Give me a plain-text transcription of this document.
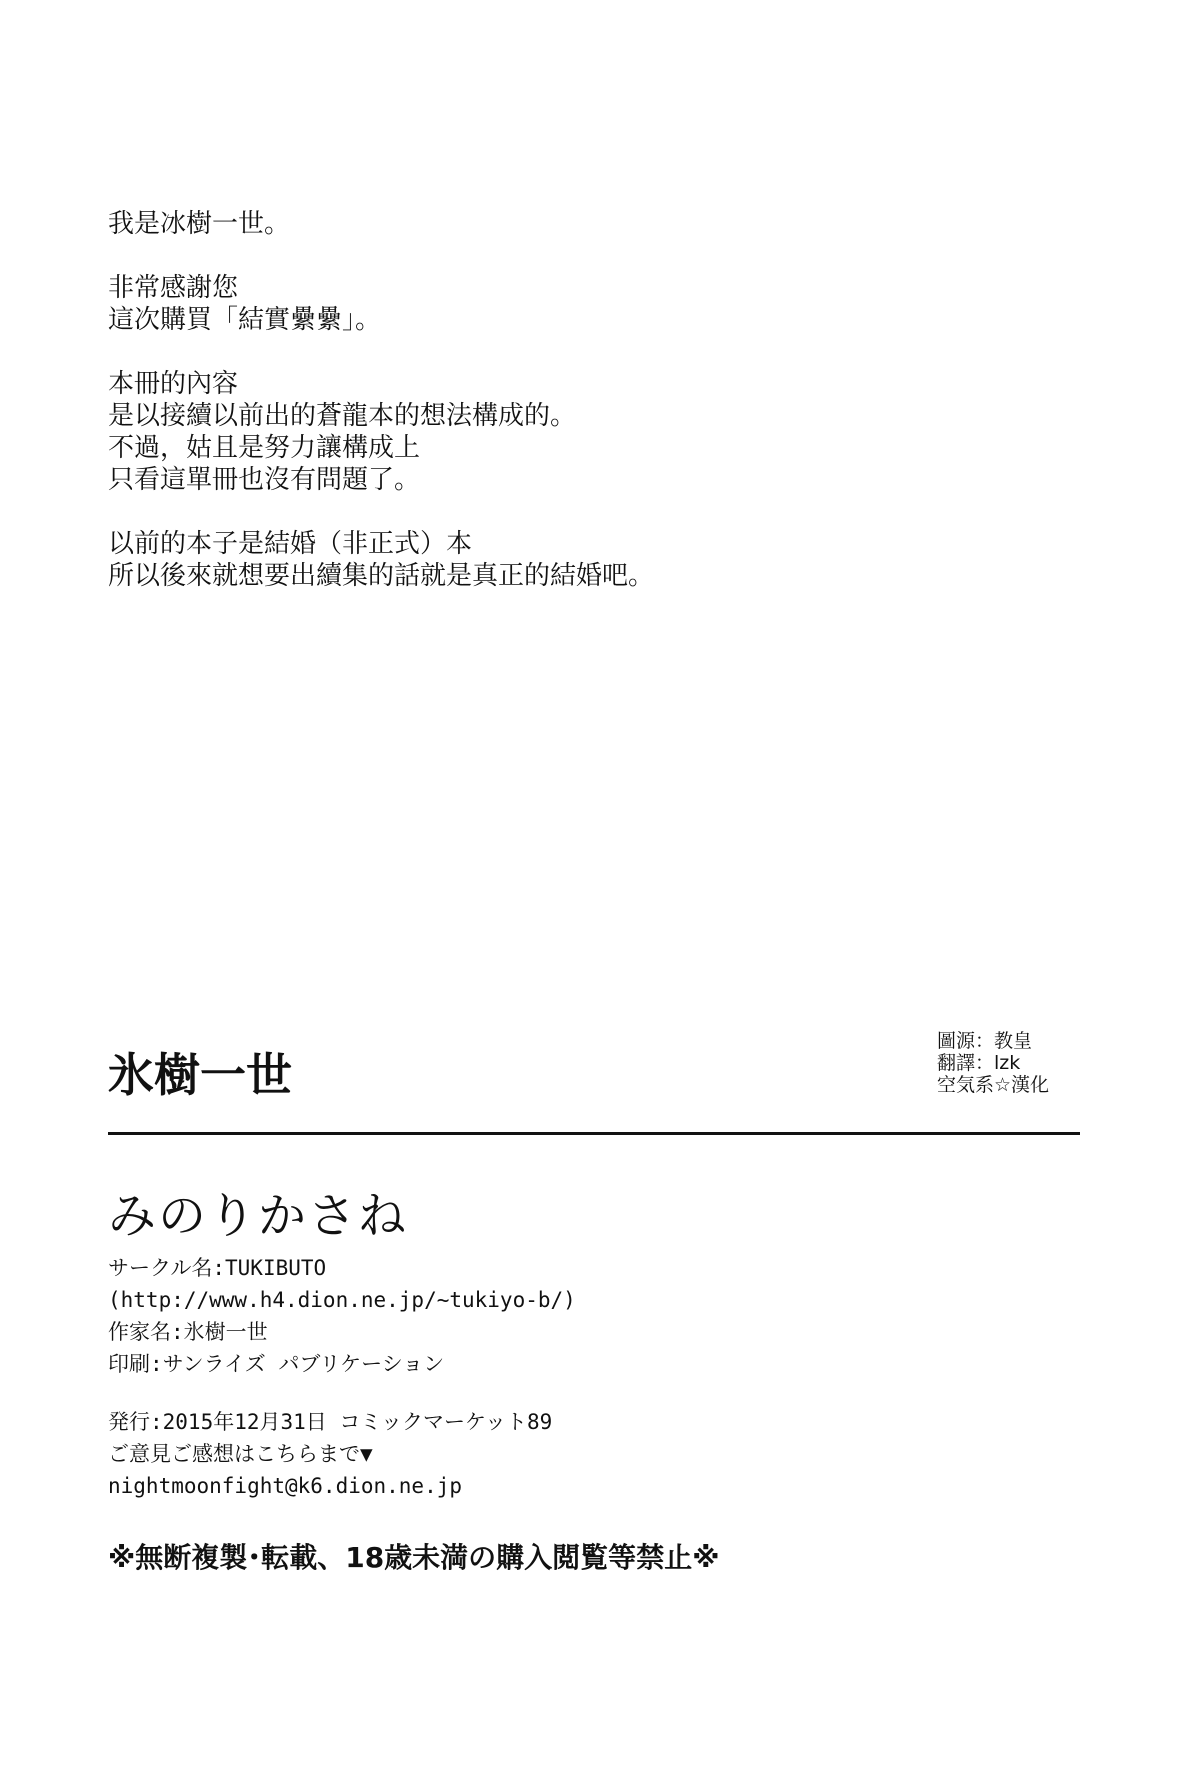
我是冰樹一世。
非常感謝您
這次購買「結實纍纍」。
本冊的內容
是以接續以前出的蒼龍本的想法構成的。
不過，姑且是努力讓構成上
只看這單冊也沒有問題了。
以前的本子是結婚（非正式）本
所以後來就想要出續集的話就是真正的結婚吧。
氷樹一世
圖源：教皇
翻譯：lzk
空気系☆漢化
みのりかさね
サークル名:TUKIBUTO
(http://www.h4.dion.ne.jp/~tukiyo-b/)
作家名:氷樹一世
印刷:サンライズ パブリケーション
発行:2015年12月31日 コミックマーケット89
ご意見ご感想はこちらまで▼
nightmoonfight@k6.dion.ne.jp
※無断複製･転載、18歳未満の購入閲覧等禁止※
